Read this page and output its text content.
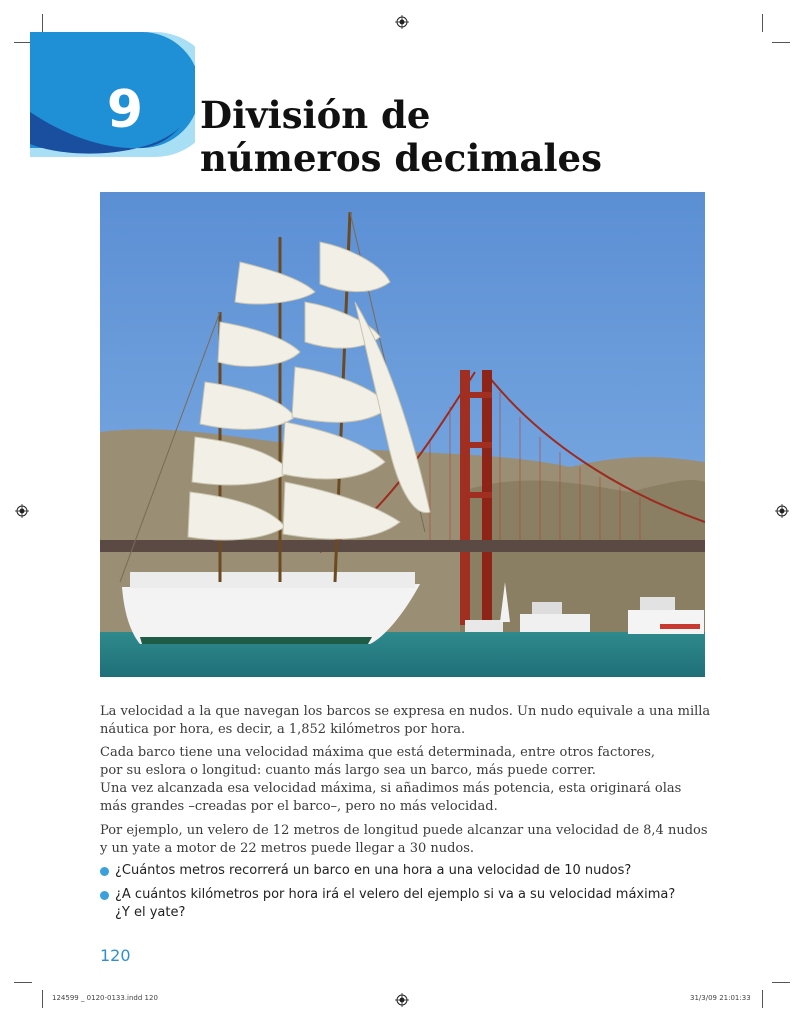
9	División de
números decimales
La velocidad a la que navegan los barcos se expresa en nudos. Un nudo equivale a una milla
náutica por hora, es decir, a 1,852 kilómetros por hora.
Cada barco tiene una velocidad máxima que está determinada, entre otros factores,
por su eslora o longitud: cuanto más largo sea un barco, más puede correr.
Una vez alcanzada esa velocidad máxima, si añadimos más potencia, esta originará olas
más grandes –creadas por el barco–, pero no más velocidad.
Por ejemplo, un velero de 12 metros de longitud puede alcanzar una velocidad de 8,4 nudos
y un yate a motor de 22 metros puede llegar a 30 nudos.
¿Cuántos metros recorrerá un barco en una hora a una velocidad de 10 nudos?
¿A cuántos kilómetros por hora irá el velero del ejemplo si va a su velocidad máxima?
¿Y el yate?
120
124599 _ 0120-0133.indd 120	31/3/09 21:01:33
